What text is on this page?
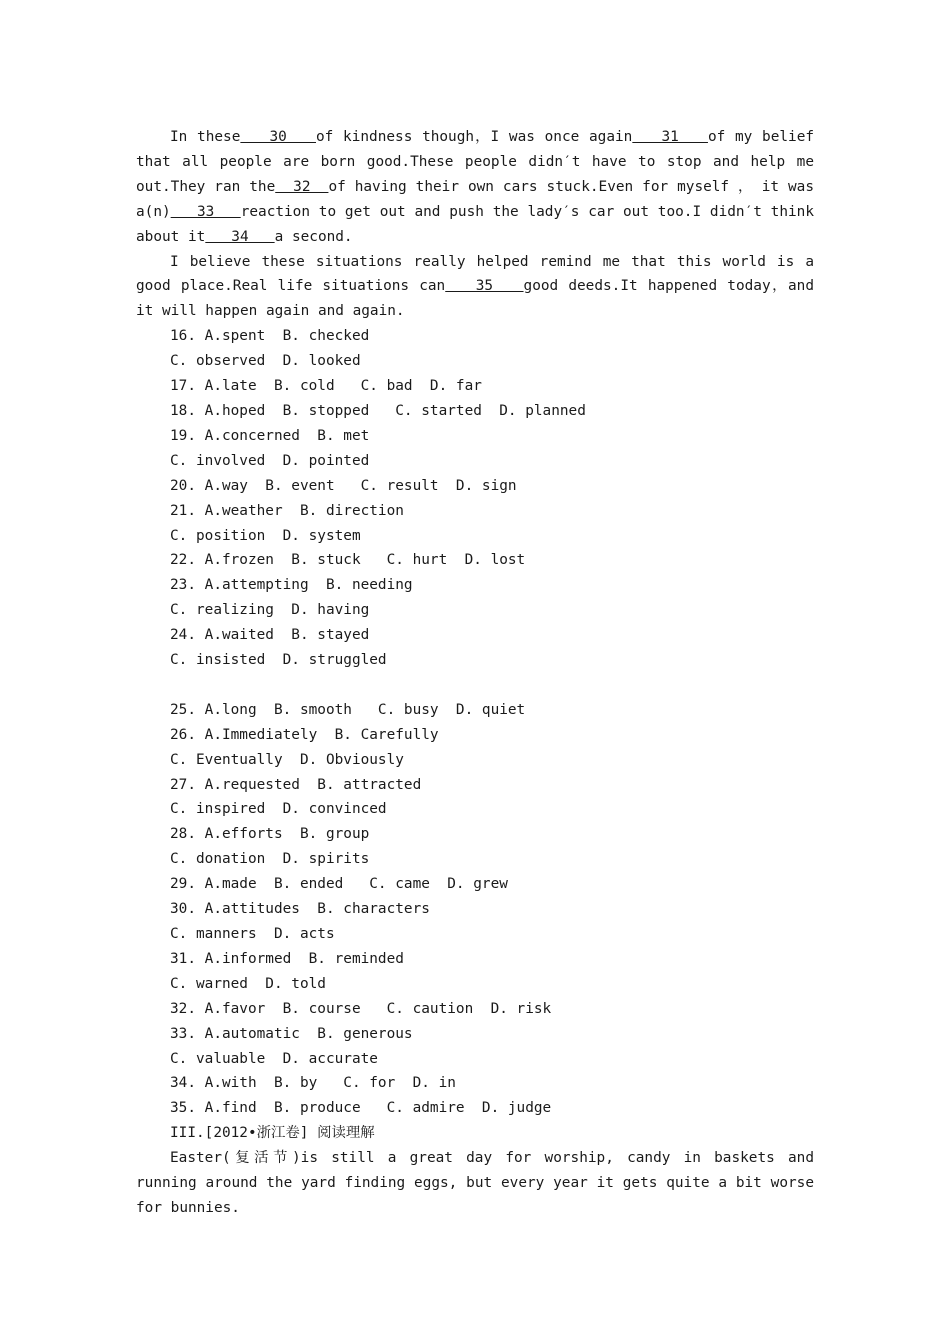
In these   30   of kindness though，I was once again   31   of my belief that all people are born good.These people didn′t have to stop and help me out.They ran the  32  of having their own cars stuck.Even for myself ， it was a(n)   33   reaction to get out and push the lady′s car out too.I didn′t think about it   34   a second.

I believe these situations really helped remind me that this world is a good place.Real life situations can   35   good deeds.It happened today，and it will happen again and again.

16. A.spent  B. checked

C. observed  D. looked

17. A.late  B. cold   C. bad  D. far

18. A.hoped  B. stopped   C. started  D. planned

19. A.concerned  B. met

C. involved  D. pointed

20. A.way  B. event   C. result  D. sign

21. A.weather  B. direction

C. position  D. system

22. A.frozen  B. stuck   C. hurt  D. lost

23. A.attempting  B. needing

C. realizing  D. having

24. A.waited  B. stayed

C. insisted  D. struggled

25. A.long  B. smooth   C. busy  D. quiet

26. A.Immediately  B. Carefully

C. Eventually  D. Obviously

27. A.requested  B. attracted

C. inspired  D. convinced

28. A.efforts  B. group

C. donation  D. spirits

29. A.made  B. ended   C. came  D. grew

30. A.attitudes  B. characters

C. manners  D. acts

31. A.informed  B. reminded

C. warned  D. told

32. A.favor  B. course   C. caution  D. risk

33. A.automatic  B. generous

C. valuable  D. accurate

34. A.with  B. by   C. for  D. in

35. A.find  B. produce   C. admire  D. judge

III.[2012•浙江卷] 阅读理解

Easter(复活节)is still a great day for worship, candy in baskets and running around the yard finding eggs, but every year it gets quite a bit worse for bunnies.
